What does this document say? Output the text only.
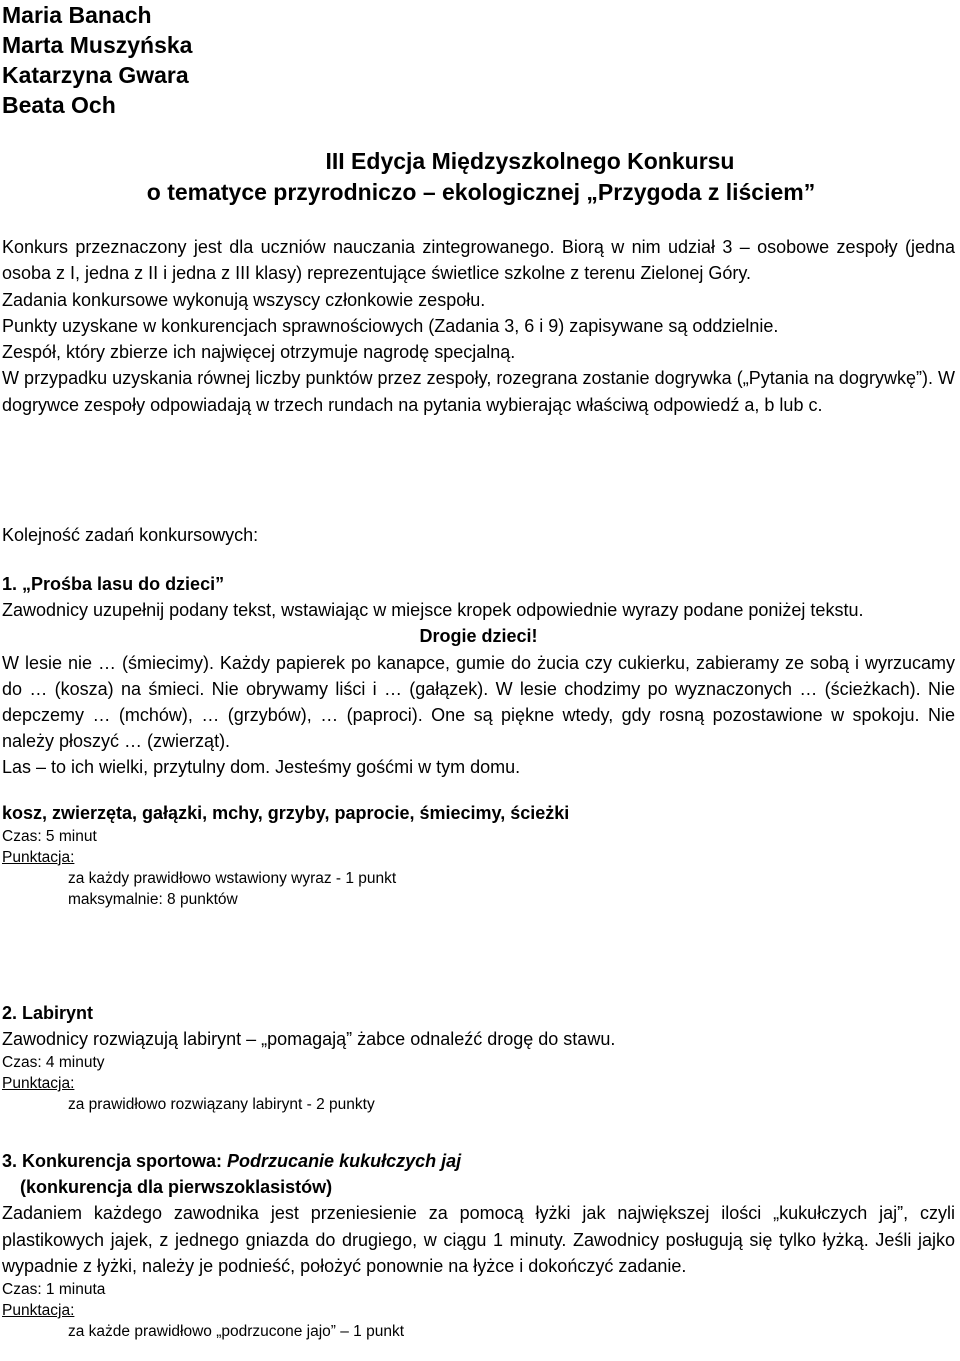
Maria Banach

Marta Muszyńska

Katarzyna Gwara

Beata Och

III Edycja Międzyszkolnego Konkursu

o tematyce przyrodniczo – ekologicznej „Przygoda z liściem”

Konkurs przeznaczony jest dla uczniów nauczania zintegrowanego. Biorą w nim udział 3 – osobowe zespoły (jedna osoba z I, jedna z II i jedna z III klasy) reprezentujące świetlice szkolne z terenu Zielonej Góry.

Zadania konkursowe wykonują wszyscy członkowie zespołu.

Punkty uzyskane w konkurencjach sprawnościowych (Zadania 3, 6 i 9) zapisywane są oddzielnie.

Zespół, który zbierze ich najwięcej otrzymuje nagrodę specjalną.

W przypadku uzyskania równej liczby punktów przez zespoły, rozegrana zostanie dogrywka („Pytania na dogrywkę”). W dogrywce zespoły odpowiadają w trzech rundach na pytania wybierając właściwą odpowiedź a, b lub c.

Kolejność zadań konkursowych:

1. „Prośba lasu do dzieci”

Zawodnicy uzupełnij podany tekst, wstawiając w miejsce kropek odpowiednie wyrazy podane poniżej tekstu.

Drogie dzieci!

W lesie nie … (śmiecimy). Każdy papierek po kanapce, gumie do żucia czy cukierku, zabieramy ze sobą i wyrzucamy do … (kosza) na śmieci. Nie obrywamy liści i … (gałązek). W lesie chodzimy po wyznaczonych … (ścieżkach). Nie depczemy … (mchów), … (grzybów), … (paproci). One są piękne wtedy, gdy rosną pozostawione w spokoju. Nie należy płoszyć … (zwierząt).

Las – to ich wielki, przytulny dom. Jesteśmy gośćmi w tym domu.

kosz, zwierzęta, gałązki, mchy, grzyby, paprocie, śmiecimy, ścieżki

Czas: 5 minut

Punktacja:

za każdy prawidłowo wstawiony wyraz - 1 punkt

maksymalnie: 8 punktów

2. Labirynt

Zawodnicy rozwiązują labirynt – „pomagają” żabce odnaleźć drogę do stawu.

Czas: 4 minuty

Punktacja:

za prawidłowo rozwiązany labirynt - 2 punkty

3. Konkurencja sportowa: Podrzucanie kukułczych jaj

(konkurencja dla pierwszoklasistów)

Zadaniem każdego zawodnika jest przeniesienie za pomocą łyżki jak największej ilości „kukułczych jaj”, czyli plastikowych jajek, z jednego gniazda do drugiego, w ciągu 1 minuty. Zawodnicy posługują się tylko łyżką. Jeśli jajko wypadnie z łyżki, należy je podnieść, położyć ponownie na łyżce i dokończyć zadanie.

Czas: 1 minuta

Punktacja:

za każde prawidłowo „podrzucone jajo” – 1 punkt
